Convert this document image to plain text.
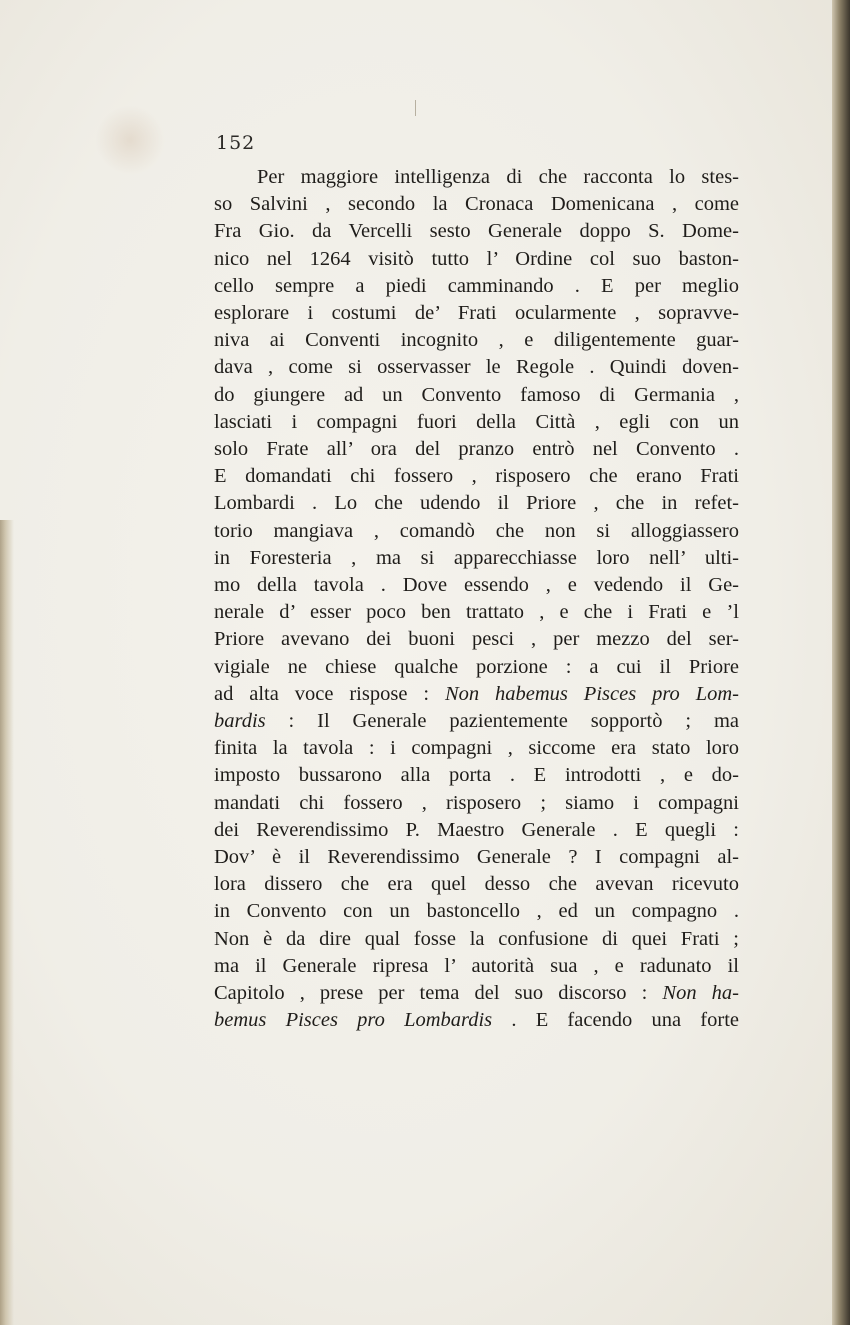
152
Per maggiore intelligenza di che racconta lo stes-
so Salvini , secondo la Cronaca Domenicana , come
Fra Gio. da Vercelli sesto Generale doppo S. Dome-
nico nel 1264 visitò tutto l’ Ordine col suo baston-
cello sempre a piedi camminando . E per meglio
esplorare i costumi de’ Frati ocularmente , sopravve-
niva ai Conventi incognito , e diligentemente guar-
dava , come si osservasser le Regole . Quindi doven-
do giungere ad un Convento famoso di Germania ,
lasciati i compagni fuori della Città , egli con un
solo Frate all’ ora del pranzo entrò nel Convento .
E domandati chi fossero , risposero che erano Frati
Lombardi . Lo che udendo il Priore , che in refet-
torio mangiava , comandò che non si alloggiassero
in Foresteria , ma si apparecchiasse loro nell’ ulti-
mo della tavola . Dove essendo , e vedendo il Ge-
nerale d’ esser poco ben trattato , e che i Frati e ’l
Priore avevano dei buoni pesci , per mezzo del ser-
vigiale ne chiese qualche porzione : a cui il Priore
ad alta voce rispose : Non habemus Pisces pro Lom-
bardis : Il Generale pazientemente sopportò ; ma
finita la tavola : i compagni , siccome era stato loro
imposto bussarono alla porta . E introdotti , e do-
mandati chi fossero , risposero ; siamo i compagni
dei Reverendissimo P. Maestro Generale . E quegli :
Dov’ è il Reverendissimo Generale ? I compagni al-
lora dissero che era quel desso che avevan ricevuto
in Convento con un bastoncello , ed un compagno .
Non è da dire qual fosse la confusione di quei Frati ;
ma il Generale ripresa l’ autorità sua , e radunato il
Capitolo , prese per tema del suo discorso : Non ha-
bemus Pisces pro Lombardis . E facendo una forte
